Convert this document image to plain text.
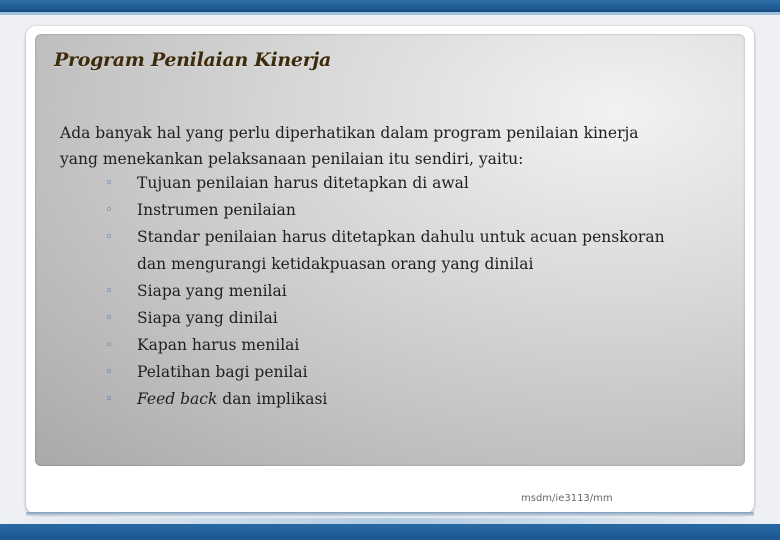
Program Penilaian Kinerja

Ada banyak hal yang perlu diperhatikan dalam program penilaian kinerja yang menekankan pelaksanaan penilaian itu sendiri, yaitu:

◦ Tujuan penilaian harus ditetapkan di awal
◦ Instrumen penilaian
◦ Standar penilaian harus ditetapkan dahulu untuk acuan penskoran dan mengurangi ketidakpuasan orang yang dinilai
◦ Siapa yang menilai
◦ Siapa yang dinilai
◦ Kapan harus menilai
◦ Pelatihan bagi penilai
◦ Feed back dan implikasi

msdm/ie3113/mm
